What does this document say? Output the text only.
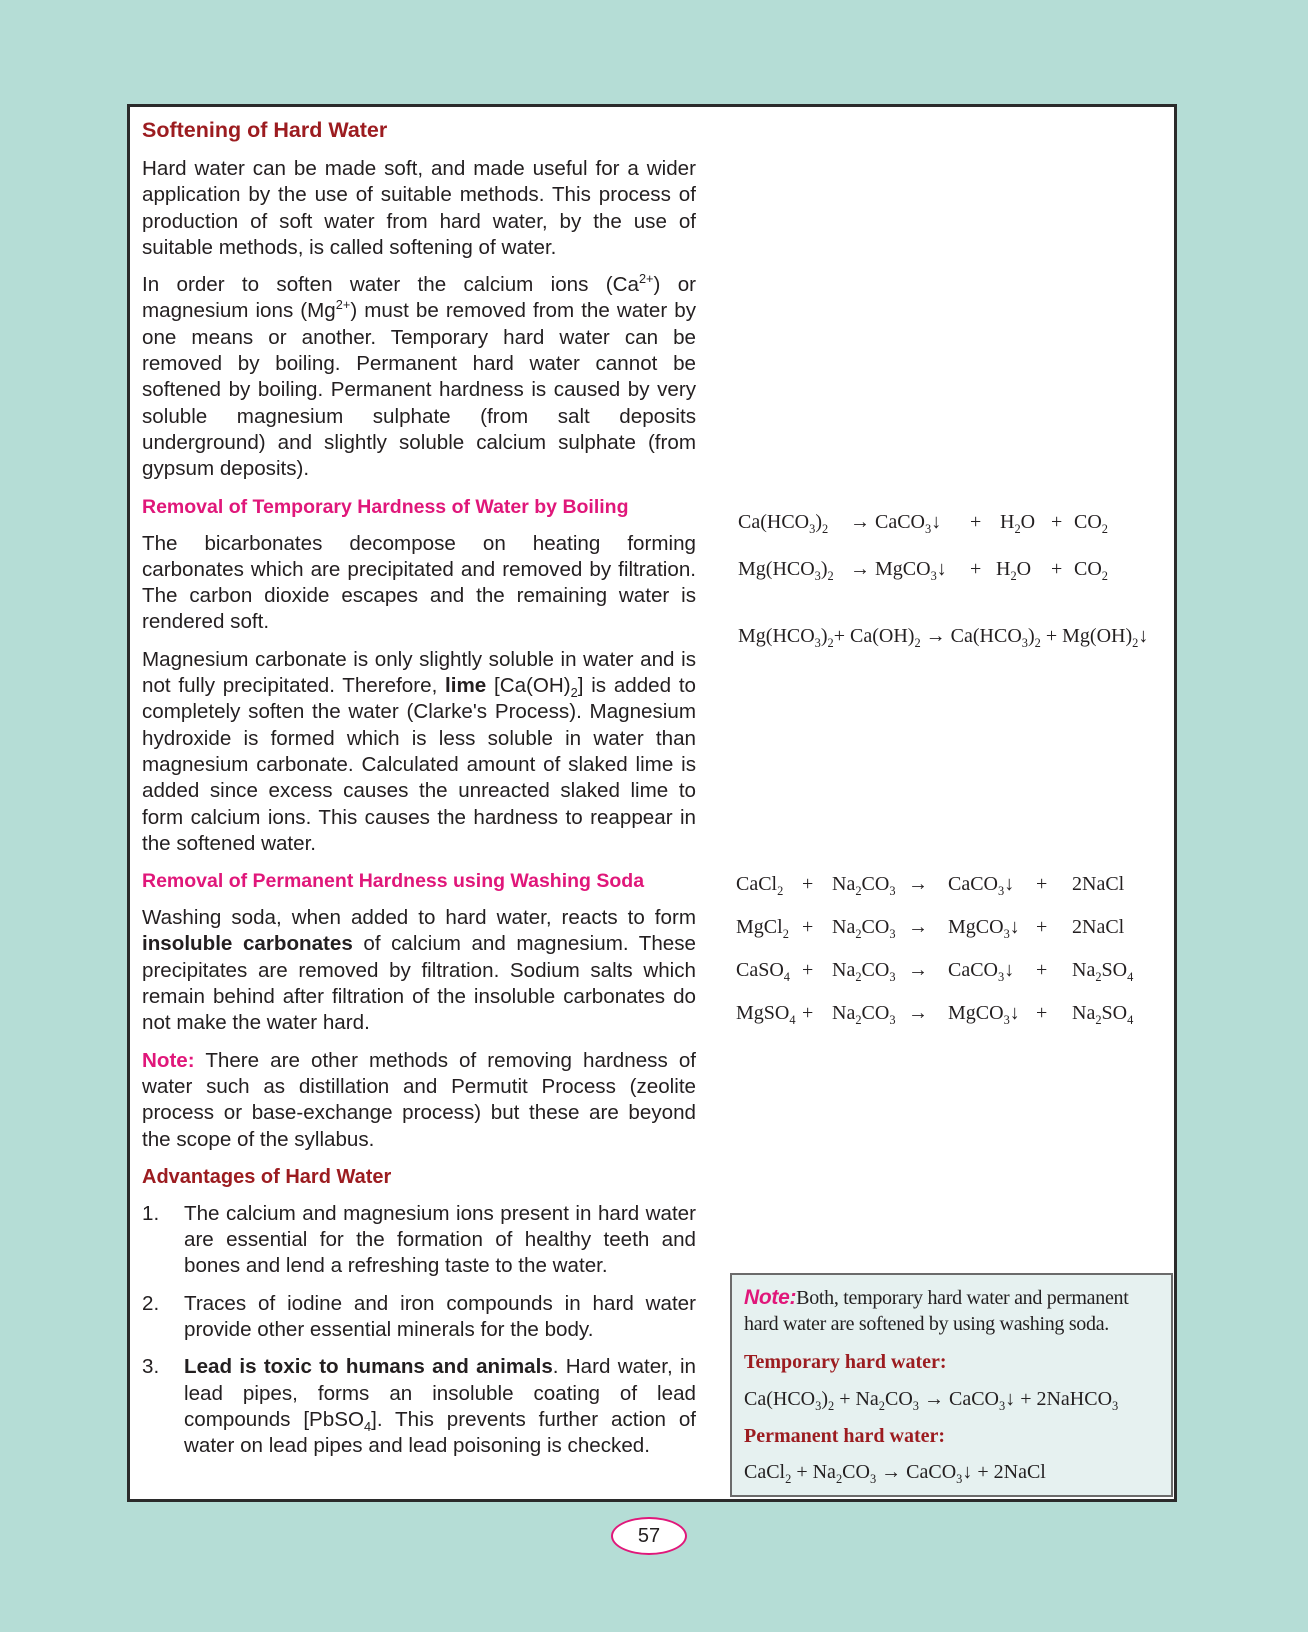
Softening of Hard Water

Hard water can be made soft, and made useful for a wider application by the use of suitable methods. This process of production of soft water from hard water, by the use of suitable methods, is called softening of water.

In order to soften water the calcium ions $(Ca^{2+})$ or magnesium ions $(Mg^{2+})$ must be removed from the water by one means or another. Temporary hard water can be removed by boiling. Permanent hard water cannot be softened by boiling. Permanent hardness is caused by very soluble magnesium sulphate (from salt deposits underground) and slightly soluble calcium sulphate (from gypsum deposits).

Removal of Temporary Hardness of Water by Boiling

The bicarbonates decompose on heating forming carbonates which are precipitated and removed by filtration. The carbon dioxide escapes and the remaining water is rendered soft.

Magnesium carbonate is only slightly soluble in water and is not fully precipitated. Therefore, lime $[Ca(OH)_2]$ is added to completely soften the water (Clarke's Process). Magnesium hydroxide is formed which is less soluble in water than magnesium carbonate. Calculated amount of slaked lime is added since excess causes the unreacted slaked lime to form calcium ions. This causes the hardness to reappear in the softened water.

Removal of Permanent Hardness using Washing Soda

Washing soda, when added to hard water, reacts to form insoluble carbonates of calcium and magnesium. These precipitates are removed by filtration. Sodium salts which remain behind after filtration of the insoluble carbonates do not make the water hard.

Note: There are other methods of removing hardness of water such as distillation and Permutit Process (zeolite process or base-exchange process) but these are beyond the scope of the syllabus.

Advantages of Hard Water
1. The calcium and magnesium ions present in hard water are essential for the formation of healthy teeth and bones and lend a refreshing taste to the water.
2. Traces of iodine and iron compounds in hard water provide other essential minerals for the body.
3. Lead is toxic to humans and animals. Hard water, in lead pipes, forms an insoluble coating of lead compounds [PbSO$_4$]. This prevents further action of water on lead pipes and lead poisoning is checked.
$Ca(HCO_3)_2$ → CaCO$_3$↓ + $H_2O + CO_2$
$Mg(HCO_3)_2$ → MgCO$_3$↓ + $H_2O + CO_2$
$Mg(HCO_3)_2+ Ca(OH)_2 \to Ca(HCO_3)_2$ + $Mg(OH)_2↓$
CaCl$_2$ + $Na_2CO_3$ → CaCO$_3$↓ + 2NaCl
MgCl$_2$ + $Na_2CO_3$ → MgCO$_3$↓ + 2NaCl
CaSO$_4$ + $Na_2CO_3$ → CaCO$_3$↓ + $Na_2SO_4$
MgSO$_4$ + $Na_2CO_3$ → MgCO$_3$↓ + $Na_2SO_4$
Note:Both, temporary hard water and permanent hard water are softened by using washing soda.
Temporary hard water:
$Ca(HCO_3)_2 + Na_2CO_3$ → CaCO$_3$↓ + 2NaHCO$_3$
Permanent hard water:
CaCl$_2$ + $Na_2CO_3$ → CaCO$_3$↓ + 2NaCl
57
